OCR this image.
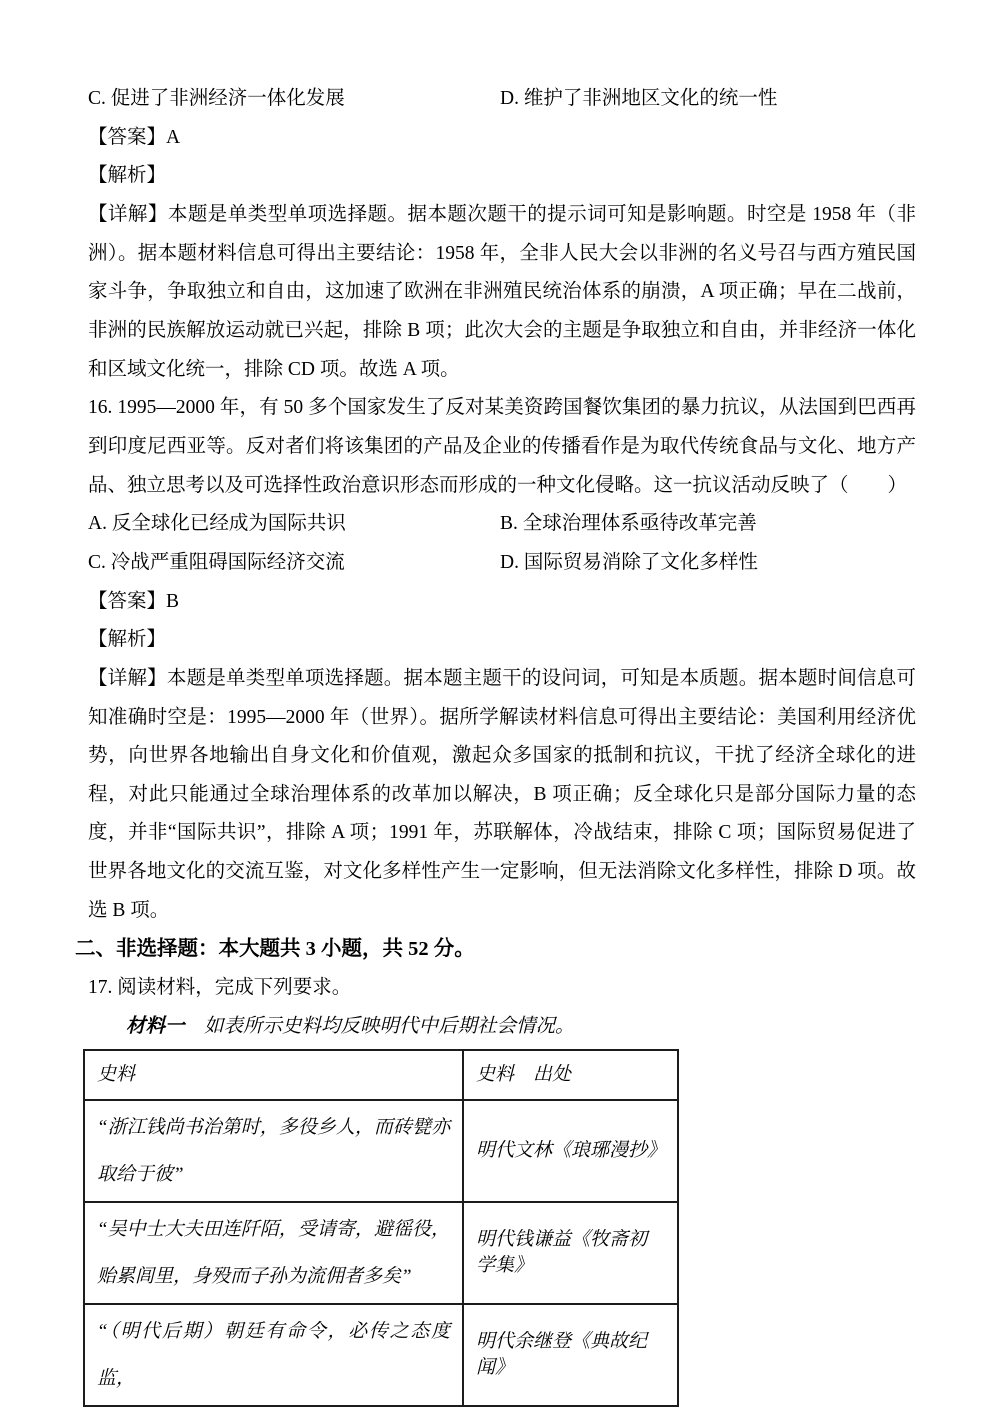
C. 促进了非洲经济一体化发展	D. 维护了非洲地区文化的统一性

【答案】A

【解析】

【详解】本题是单类型单项选择题。据本题次题干的提示词可知是影响题。时空是 1958 年（非洲）。据本题材料信息可得出主要结论：1958 年，全非人民大会以非洲的名义号召与西方殖民国家斗争，争取独立和自由，这加速了欧洲在非洲殖民统治体系的崩溃，A 项正确；早在二战前，非洲的民族解放运动就已兴起，排除 B 项；此次大会的主题是争取独立和自由，并非经济一体化和区域文化统一，排除 CD 项。故选 A 项。

16. 1995—2000 年，有 50 多个国家发生了反对某美资跨国餐饮集团的暴力抗议，从法国到巴西再到印度尼西亚等。反对者们将该集团的产品及企业的传播看作是为取代传统食品与文化、地方产品、独立思考以及可选择性政治意识形态而形成的一种文化侵略。这一抗议活动反映了（　　）

A. 反全球化已经成为国际共识	B. 全球治理体系亟待改革完善
C. 冷战严重阻碍国际经济交流	D. 国际贸易消除了文化多样性

【答案】B

【解析】

【详解】本题是单类型单项选择题。据本题主题干的设问词，可知是本质题。据本题时间信息可知准确时空是：1995—2000 年（世界）。据所学解读材料信息可得出主要结论：美国利用经济优势，向世界各地输出自身文化和价值观，激起众多国家的抵制和抗议，干扰了经济全球化的进程，对此只能通过全球治理体系的改革加以解决，B 项正确；反全球化只是部分国际力量的态度，并非“国际共识”，排除 A 项；1991 年，苏联解体，冷战结束，排除 C 项；国际贸易促进了世界各地文化的交流互鉴，对文化多样性产生一定影响，但无法消除文化多样性，排除 D 项。故选 B 项。

二、非选择题：本大题共 3 小题，共 52 分。

17. 阅读材料，完成下列要求。

材料一　如表所示史料均反映明代中后期社会情况。

史料	史料　出处
“浙江钱尚书治第时，多役乡人，而砖甓亦取给于彼”	明代文林《琅琊漫抄》
“吴中士大夫田连阡陌，受请寄，避徭役，贻累闾里，身殁而子孙为流佣者多矣”	明代钱谦益《牧斋初学集》
“（明代后期）朝廷有命令，必传之态度监，	明代余继登《典故纪闻》
